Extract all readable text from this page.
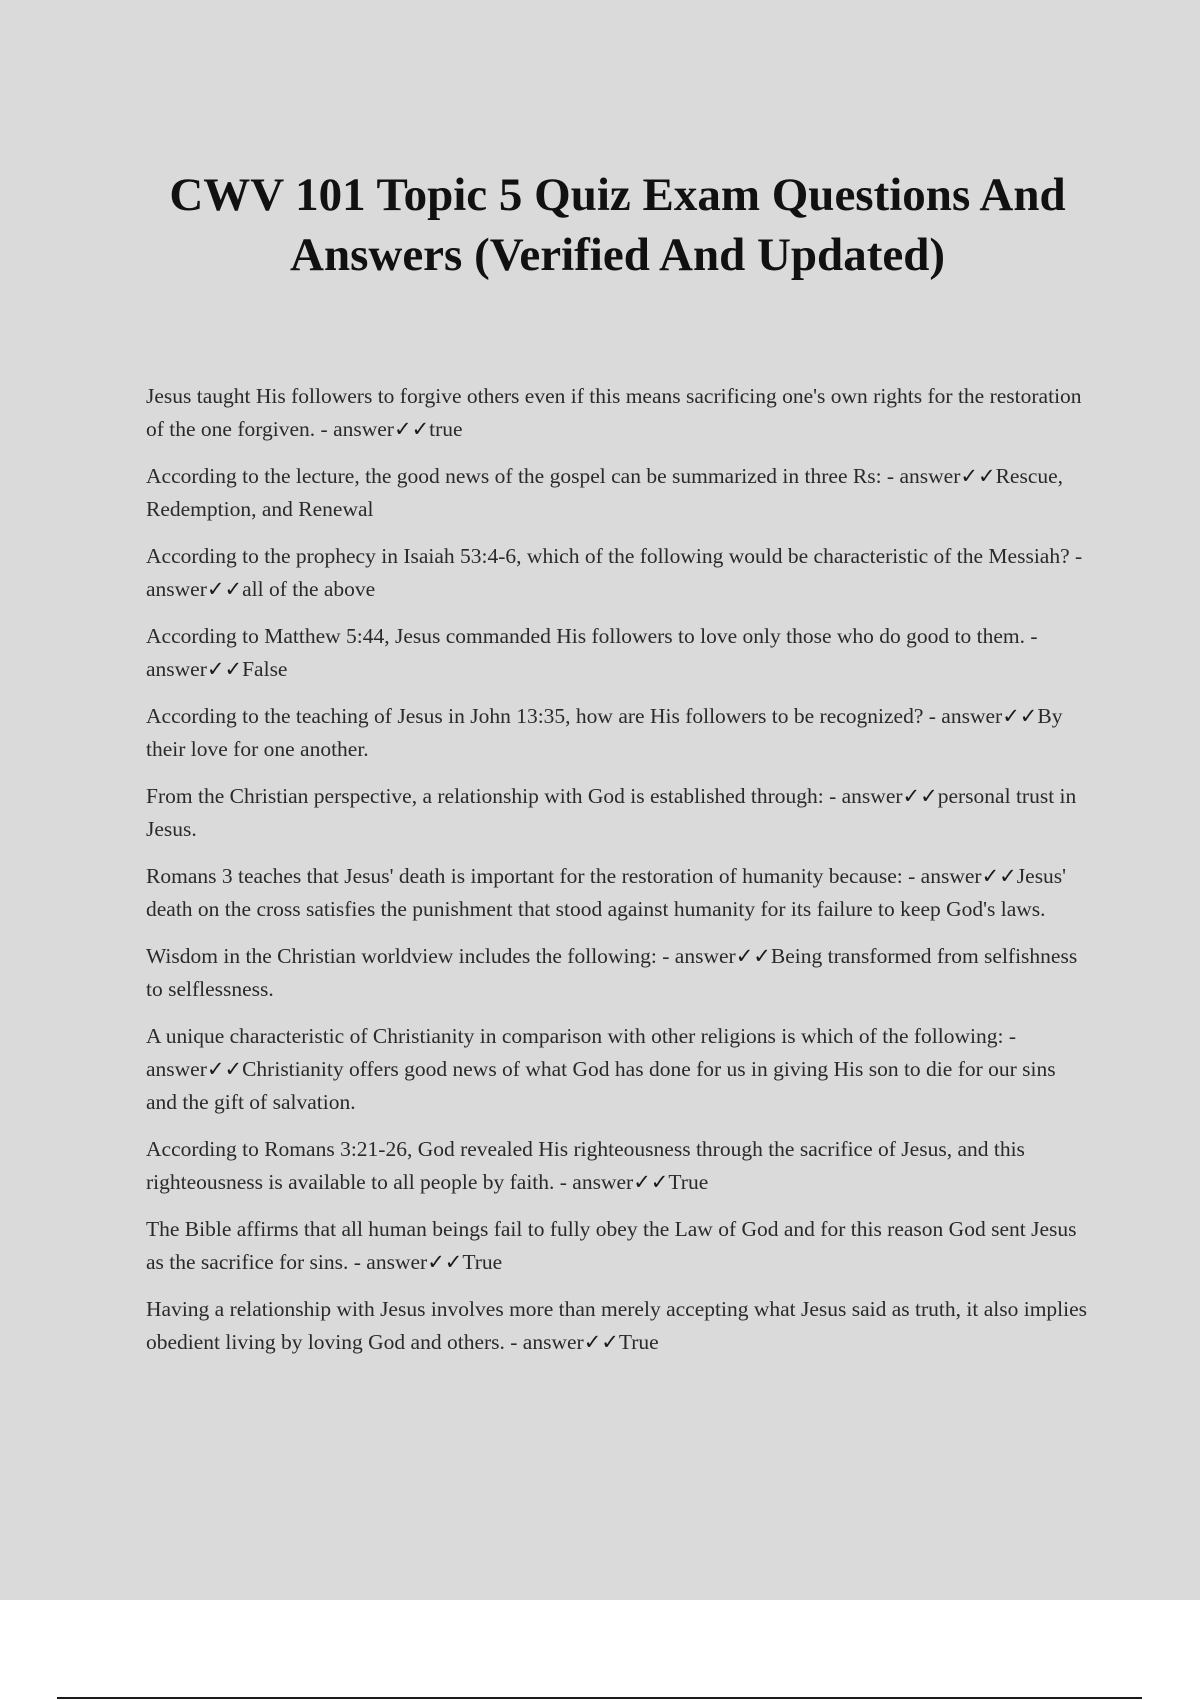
CWV 101 Topic 5 Quiz Exam Questions And Answers (Verified And Updated)
Jesus taught His followers to forgive others even if this means sacrificing one's own rights for the restoration of the one forgiven. - answer✓✓true
According to the lecture, the good news of the gospel can be summarized in three Rs: - answer✓✓Rescue, Redemption, and Renewal
According to the prophecy in Isaiah 53:4-6, which of the following would be characteristic of the Messiah? - answer✓✓all of the above
According to Matthew 5:44, Jesus commanded His followers to love only those who do good to them. - answer✓✓False
According to the teaching of Jesus in John 13:35, how are His followers to be recognized? - answer✓✓By their love for one another.
From the Christian perspective, a relationship with God is established through: - answer✓✓personal trust in Jesus.
Romans 3 teaches that Jesus' death is important for the restoration of humanity because: - answer✓✓Jesus' death on the cross satisfies the punishment that stood against humanity for its failure to keep God's laws.
Wisdom in the Christian worldview includes the following: - answer✓✓Being transformed from selfishness to selflessness.
A unique characteristic of Christianity in comparison with other religions is which of the following: - answer✓✓Christianity offers good news of what God has done for us in giving His son to die for our sins and the gift of salvation.
According to Romans 3:21-26, God revealed His righteousness through the sacrifice of Jesus, and this righteousness is available to all people by faith. - answer✓✓True
The Bible affirms that all human beings fail to fully obey the Law of God and for this reason God sent Jesus as the sacrifice for sins. - answer✓✓True
Having a relationship with Jesus involves more than merely accepting what Jesus said as truth, it also implies obedient living by loving God and others. - answer✓✓True
